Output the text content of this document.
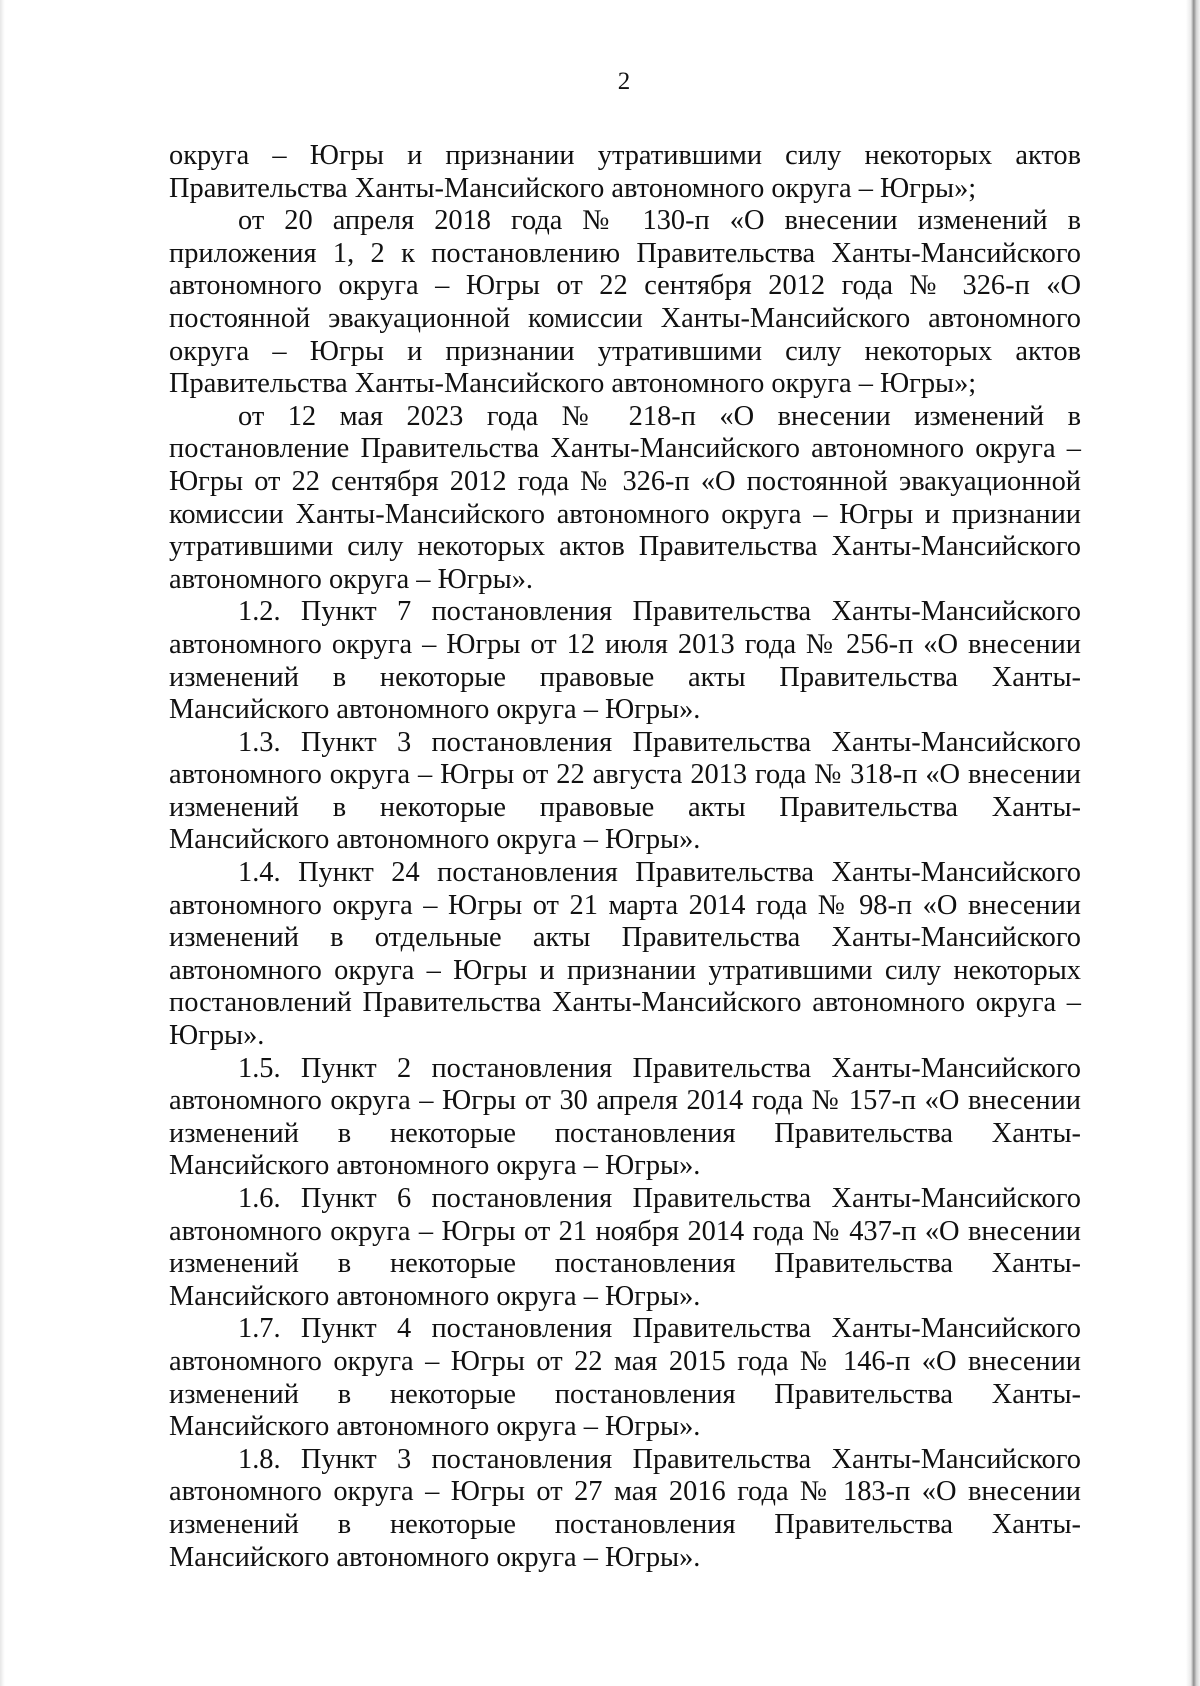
2

округа – Югры и признании утратившими силу некоторых актов Правительства Ханты-Мансийского автономного округа – Югры»;

от 20 апреля 2018 года № 130-п «О внесении изменений в приложения 1, 2 к постановлению Правительства Ханты-Мансийского автономного округа – Югры от 22 сентября 2012 года № 326-п «О постоянной эвакуационной комиссии Ханты-Мансийского автономного округа – Югры и признании утратившими силу некоторых актов Правительства Ханты-Мансийского автономного округа – Югры»;

от 12 мая 2023 года № 218-п «О внесении изменений в постановление Правительства Ханты-Мансийского автономного округа – Югры от 22 сентября 2012 года № 326-п «О постоянной эвакуационной комиссии Ханты-Мансийского автономного округа – Югры и признании утратившими силу некоторых актов Правительства Ханты-Мансийского автономного округа – Югры».

1.2. Пункт 7 постановления Правительства Ханты-Мансийского автономного округа – Югры от 12 июля 2013 года № 256-п «О внесении изменений в некоторые правовые акты Правительства Ханты-Мансийского автономного округа – Югры».

1.3. Пункт 3 постановления Правительства Ханты-Мансийского автономного округа – Югры от 22 августа 2013 года № 318-п «О внесении изменений в некоторые правовые акты Правительства Ханты-Мансийского автономного округа – Югры».

1.4. Пункт 24 постановления Правительства Ханты-Мансийского автономного округа – Югры от 21 марта 2014 года № 98-п «О внесении изменений в отдельные акты Правительства Ханты-Мансийского автономного округа – Югры и признании утратившими силу некоторых постановлений Правительства Ханты-Мансийского автономного округа – Югры».

1.5. Пункт 2 постановления Правительства Ханты-Мансийского автономного округа – Югры от 30 апреля 2014 года № 157-п «О внесении изменений в некоторые постановления Правительства Ханты-Мансийского автономного округа – Югры».

1.6. Пункт 6 постановления Правительства Ханты-Мансийского автономного округа – Югры от 21 ноября 2014 года № 437-п «О внесении изменений в некоторые постановления Правительства Ханты-Мансийского автономного округа – Югры».

1.7. Пункт 4 постановления Правительства Ханты-Мансийского автономного округа – Югры от 22 мая 2015 года № 146-п «О внесении изменений в некоторые постановления Правительства Ханты-Мансийского автономного округа – Югры».

1.8. Пункт 3 постановления Правительства Ханты-Мансийского автономного округа – Югры от 27 мая 2016 года № 183-п «О внесении изменений в некоторые постановления Правительства Ханты-Мансийского автономного округа – Югры».
